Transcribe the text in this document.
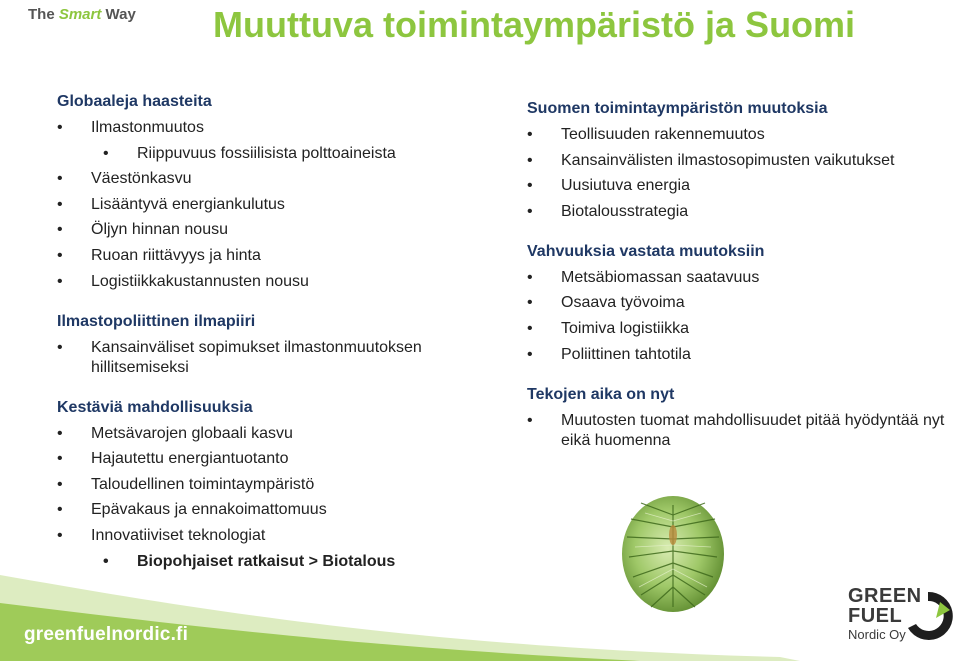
The Smart Way Muuttuva toimintaympäristö ja Suomi
Globaaleja haasteita
• Ilmastonmuutos
• Riippuvuus fossiilisista polttoaineista
• Väestönkasvu
• Lisääntyvä energiankulutus
• Öljyn hinnan nousu
• Ruoan riittävyys ja hinta
• Logistiikkakustannusten nousu
Ilmastopoliittinen ilmapiiri
• Kansainväliset sopimukset ilmastonmuutoksen hillitsemiseksi
Kestäviä mahdollisuuksia
• Metsävarojen globaali kasvu
• Hajautettu energiantuotanto
• Taloudellinen toimintaympäristö
• Epävakaus ja ennakoimattomuus
• Innovatiiviset teknologiat
• Biopohjaiset ratkaisut > Biotalous
Suomen toimintaympäristön muutoksia
• Teollisuuden rakennemuutos
• Kansainvälisten ilmastosopimusten vaikutukset
• Uusiutuva energia
• Biotalousstrategia
Vahvuuksia vastata muutoksiin
• Metsäbiomassan saatavuus
• Osaava työvoima
• Toimiva logistiikka
• Poliittinen tahtotila
Tekojen aika on nyt
• Muutosten tuomat mahdollisuudet pitää hyödyntää nyt eikä huomenna

greenfuelnordic.fi

GREEN FUEL
Nordic Oy
